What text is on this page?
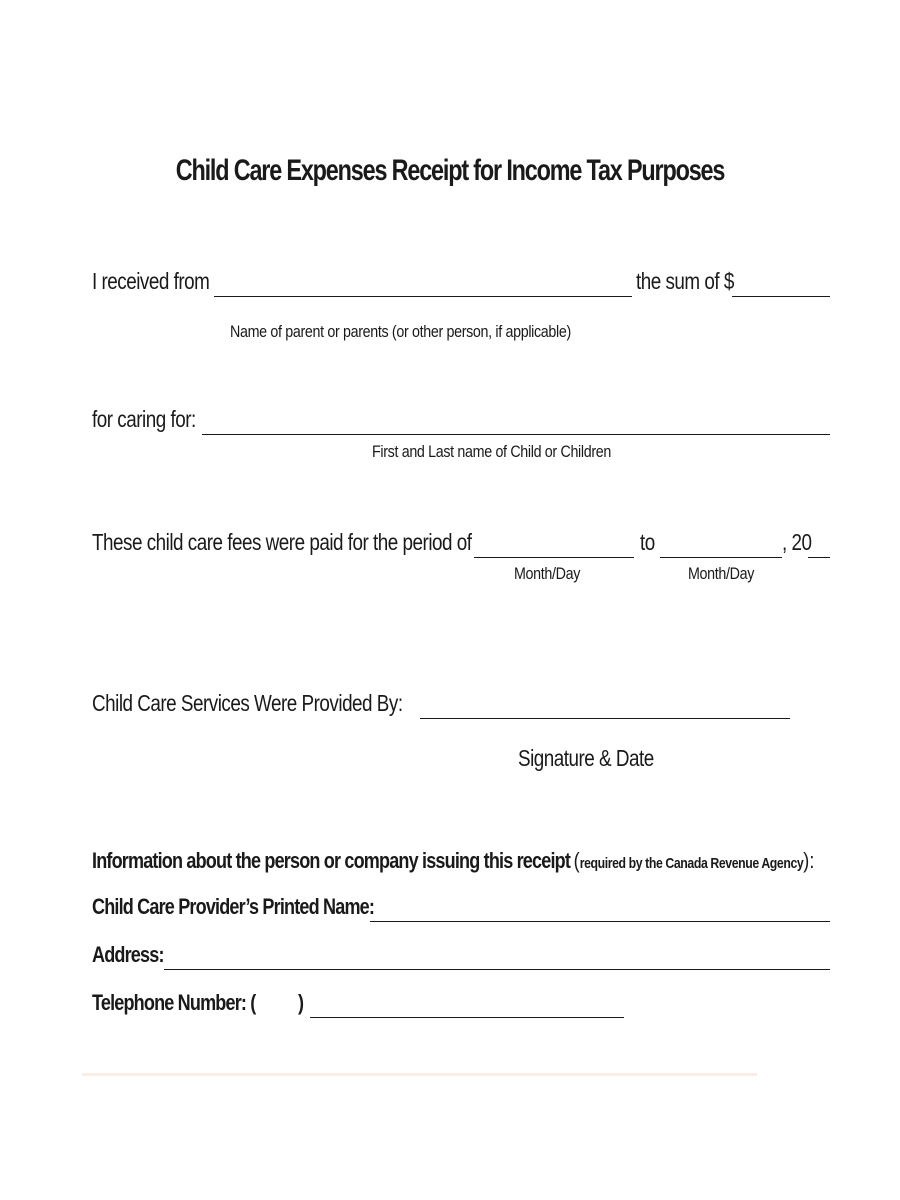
Child Care Expenses Receipt for Income Tax Purposes
I received from	the sum of $
Name of parent or parents (or other person, if applicable)
for caring for:
First and Last name of Child or Children
These child care fees were paid for the period of	to	, 20
Month/Day	Month/Day
Child Care Services Were Provided By:
Signature & Date
Information about the person or company issuing this receipt (required by the Canada Revenue Agency):
Child Care Provider’s Printed Name:
Address:
Telephone Number: ( )
